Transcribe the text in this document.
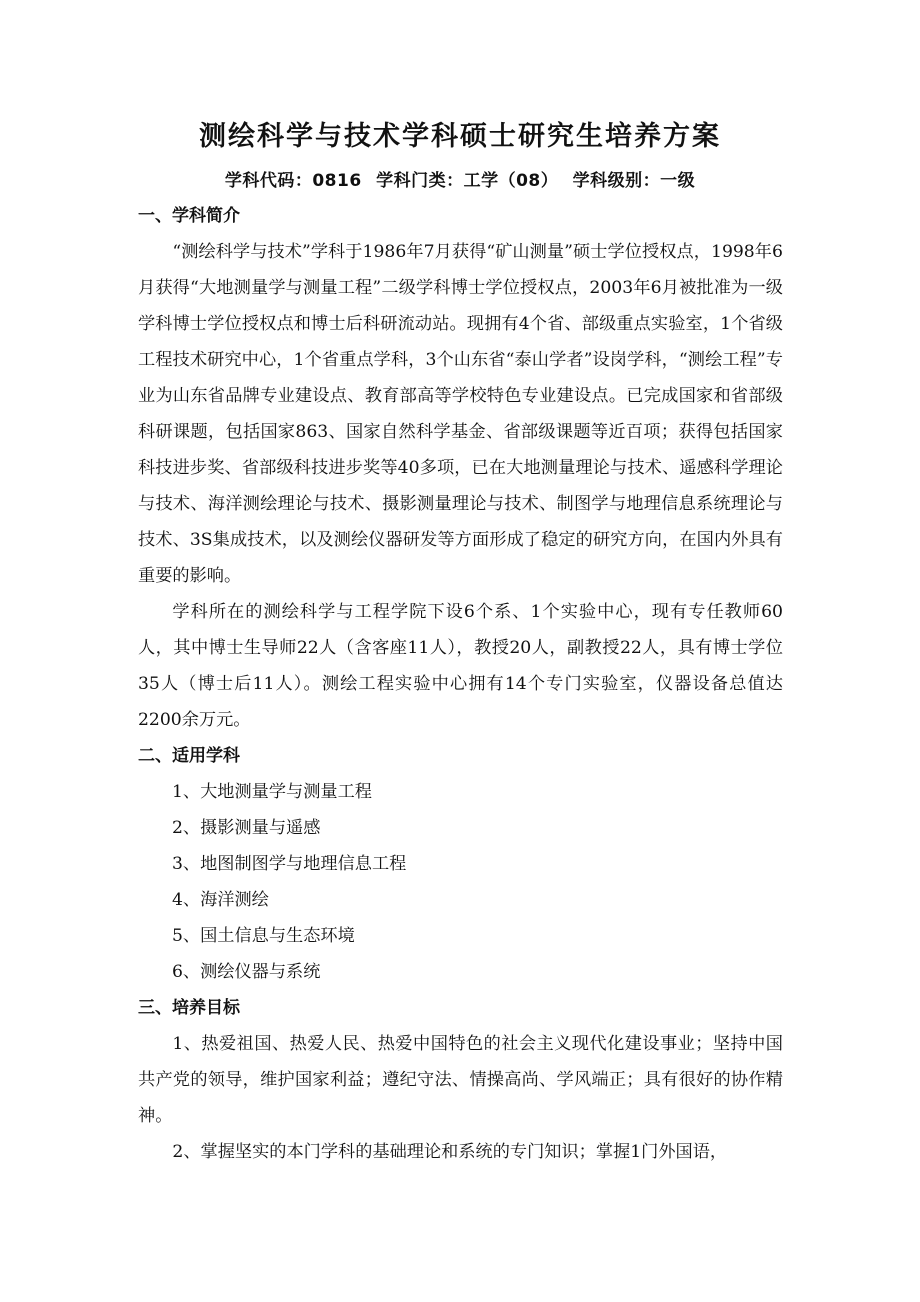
测绘科学与技术学科硕士研究生培养方案
学科代码：0816 学科门类：工学（08） 学科级别：一级
一、学科简介

“测绘科学与技术”学科于1986年7月获得“矿山测量”硕士学位授权点，1998年6月获得“大地测量学与测量工程”二级学科博士学位授权点，2003年6月被批准为一级学科博士学位授权点和博士后科研流动站。现拥有4个省、部级重点实验室，1个省级工程技术研究中心，1个省重点学科，3个山东省“泰山学者”设岗学科，“测绘工程”专业为山东省品牌专业建设点、教育部高等学校特色专业建设点。已完成国家和省部级科研课题，包括国家863、国家自然科学基金、省部级课题等近百项；获得包括国家科技进步奖、省部级科技进步奖等40多项，已在大地测量理论与技术、遥感科学理论与技术、海洋测绘理论与技术、摄影测量理论与技术、制图学与地理信息系统理论与技术、3S集成技术，以及测绘仪器研发等方面形成了稳定的研究方向，在国内外具有重要的影响。

学科所在的测绘科学与工程学院下设6个系、1个实验中心，现有专任教师60人，其中博士生导师22人（含客座11人），教授20人，副教授22人，具有博士学位35人（博士后11人）。测绘工程实验中心拥有14个专门实验室，仪器设备总值达2200余万元。

二、适用学科
1、大地测量学与测量工程
2、摄影测量与遥感
3、地图制图学与地理信息工程
4、海洋测绘
5、国土信息与生态环境
6、测绘仪器与系统
三、培养目标

1、热爱祖国、热爱人民、热爱中国特色的社会主义现代化建设事业；坚持中国共产党的领导，维护国家利益；遵纪守法、情操高尚、学风端正；具有很好的协作精神。

2、掌握坚实的本门学科的基础理论和系统的专门知识；掌握1门外国语，
